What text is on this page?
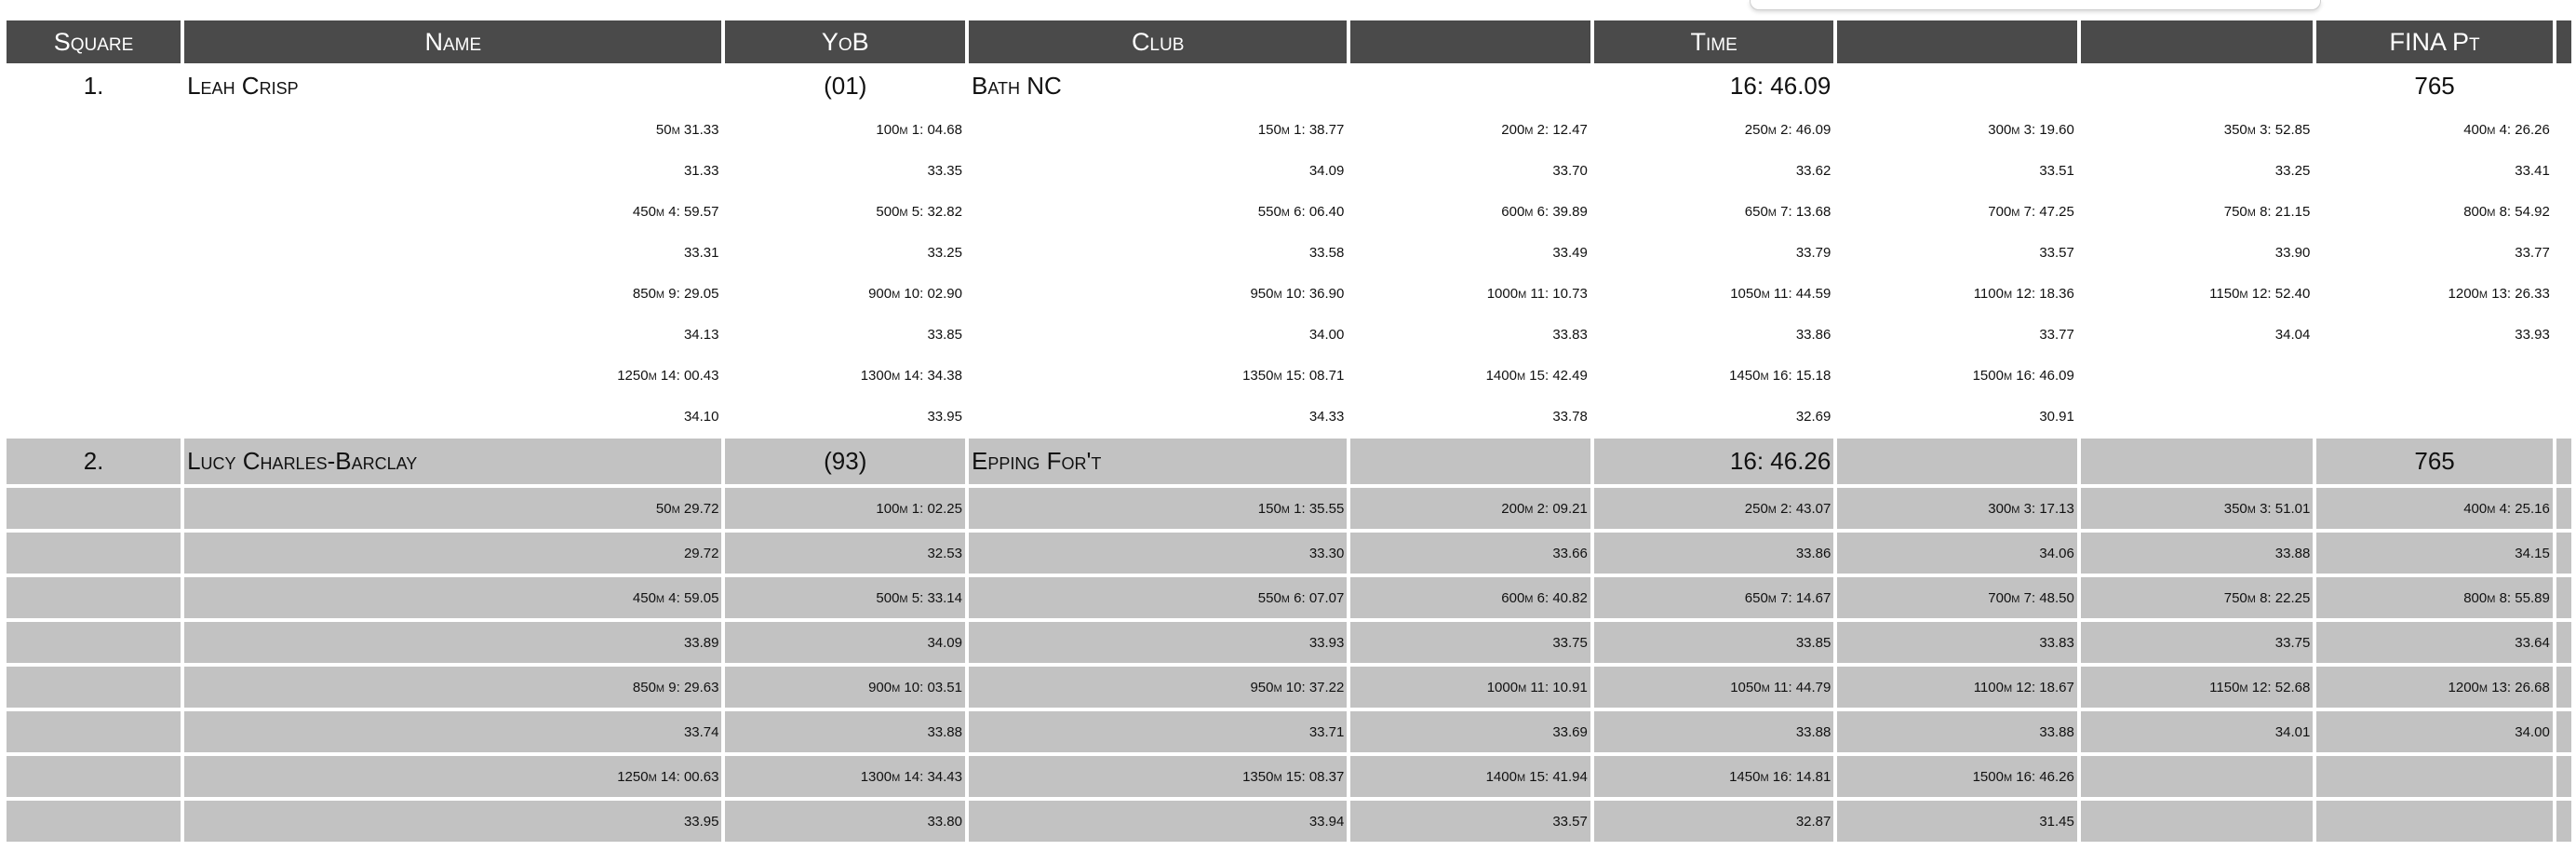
Square	Name	YoB	Club		Time			FINA Pt	
1.	Leah Crisp	(01)	Bath NC		16: 46.09			765	
	50m 31.33	100m 1: 04.68	150m 1: 38.77	200m 2: 12.47	250m 2: 46.09	300m 3: 19.60	350m 3: 52.85	400m 4: 26.26	
	31.33	33.35	34.09	33.70	33.62	33.51	33.25	33.41	
	450m 4: 59.57	500m 5: 32.82	550m 6: 06.40	600m 6: 39.89	650m 7: 13.68	700m 7: 47.25	750m 8: 21.15	800m 8: 54.92	
	33.31	33.25	33.58	33.49	33.79	33.57	33.90	33.77	
	850m 9: 29.05	900m 10: 02.90	950m 10: 36.90	1000m 11: 10.73	1050m 11: 44.59	1100m 12: 18.36	1150m 12: 52.40	1200m 13: 26.33	
	34.13	33.85	34.00	33.83	33.86	33.77	34.04	33.93	
	1250m 14: 00.43	1300m 14: 34.38	1350m 15: 08.71	1400m 15: 42.49	1450m 16: 15.18	1500m 16: 46.09			
	34.10	33.95	34.33	33.78	32.69	30.91			
2.	Lucy Charles-Barclay	(93)	Epping For't		16: 46.26			765	
	50m 29.72	100m 1: 02.25	150m 1: 35.55	200m 2: 09.21	250m 2: 43.07	300m 3: 17.13	350m 3: 51.01	400m 4: 25.16	
	29.72	32.53	33.30	33.66	33.86	34.06	33.88	34.15	
	450m 4: 59.05	500m 5: 33.14	550m 6: 07.07	600m 6: 40.82	650m 7: 14.67	700m 7: 48.50	750m 8: 22.25	800m 8: 55.89	
	33.89	34.09	33.93	33.75	33.85	33.83	33.75	33.64	
	850m 9: 29.63	900m 10: 03.51	950m 10: 37.22	1000m 11: 10.91	1050m 11: 44.79	1100m 12: 18.67	1150m 12: 52.68	1200m 13: 26.68	
	33.74	33.88	33.71	33.69	33.88	33.88	34.01	34.00	
	1250m 14: 00.63	1300m 14: 34.43	1350m 15: 08.37	1400m 15: 41.94	1450m 16: 14.81	1500m 16: 46.26			
	33.95	33.80	33.94	33.57	32.87	31.45			
